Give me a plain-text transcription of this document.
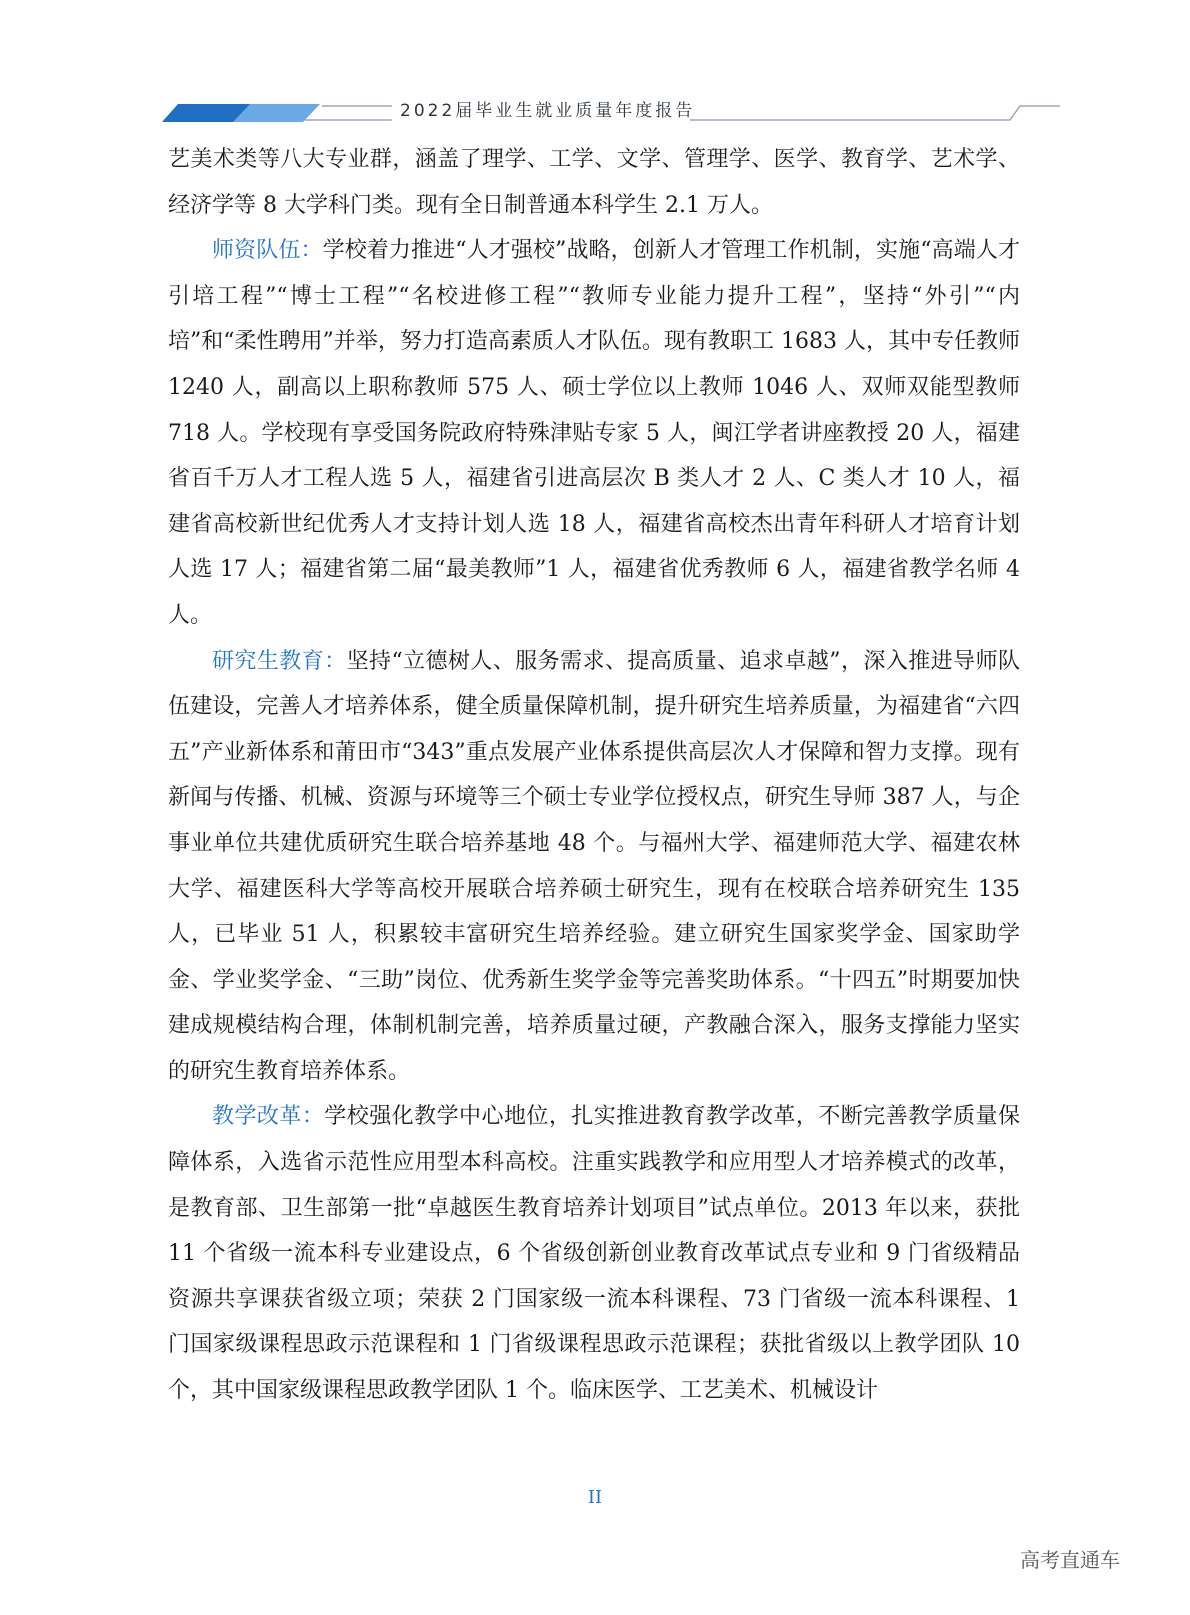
2022届毕业生就业质量年度报告

艺美术类等八大专业群，涵盖了理学、工学、文学、管理学、医学、教育学、艺术学、经济学等 8 大学科门类。现有全日制普通本科学生 2.1 万人。

师资队伍：学校着力推进“人才强校”战略，创新人才管理工作机制，实施“高端人才引培工程”“博士工程”“名校进修工程”“教师专业能力提升工程”，坚持“外引”“内培”和“柔性聘用”并举，努力打造高素质人才队伍。现有教职工 1683 人，其中专任教师 1240 人，副高以上职称教师 575 人、硕士学位以上教师 1046 人、双师双能型教师 718 人。学校现有享受国务院政府特殊津贴专家 5 人，闽江学者讲座教授 20 人，福建省百千万人才工程人选 5 人，福建省引进高层次 B 类人才 2 人、C 类人才 10 人，福建省高校新世纪优秀人才支持计划人选 18 人，福建省高校杰出青年科研人才培育计划人选 17 人；福建省第二届“最美教师”1 人，福建省优秀教师 6 人，福建省教学名师 4 人。

研究生教育：坚持“立德树人、服务需求、提高质量、追求卓越”，深入推进导师队伍建设，完善人才培养体系，健全质量保障机制，提升研究生培养质量，为福建省“六四五”产业新体系和莆田市“343”重点发展产业体系提供高层次人才保障和智力支撑。现有新闻与传播、机械、资源与环境等三个硕士专业学位授权点，研究生导师 387 人，与企事业单位共建优质研究生联合培养基地 48 个。与福州大学、福建师范大学、福建农林大学、福建医科大学等高校开展联合培养硕士研究生，现有在校联合培养研究生 135 人，已毕业 51 人，积累较丰富研究生培养经验。建立研究生国家奖学金、国家助学金、学业奖学金、“三助”岗位、优秀新生奖学金等完善奖助体系。“十四五”时期要加快建成规模结构合理，体制机制完善，培养质量过硬，产教融合深入，服务支撑能力坚实的研究生教育培养体系。

教学改革：学校强化教学中心地位，扎实推进教育教学改革，不断完善教学质量保障体系，入选省示范性应用型本科高校。注重实践教学和应用型人才培养模式的改革，是教育部、卫生部第一批“卓越医生教育培养计划项目”试点单位。2013 年以来，获批 11 个省级一流本科专业建设点，6 个省级创新创业教育改革试点专业和 9 门省级精品资源共享课获省级立项；荣获 2 门国家级一流本科课程、73 门省级一流本科课程、1 门国家级课程思政示范课程和 1 门省级课程思政示范课程；获批省级以上教学团队 10 个，其中国家级课程思政教学团队 1 个。临床医学、工艺美术、机械设计

II
高考直通车
